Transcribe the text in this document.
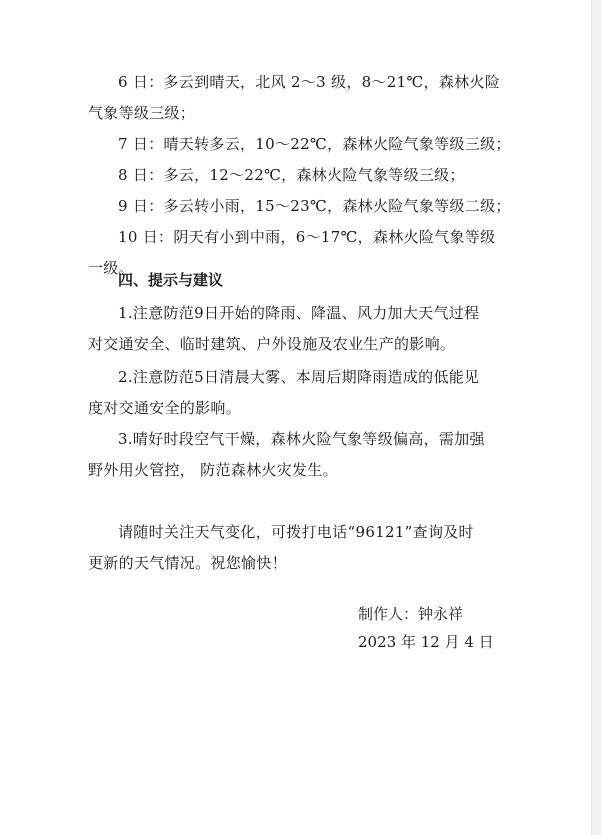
6 日：多云到晴天，北风 2～3 级，8～21℃，森林火险
气象等级三级；
7 日：晴天转多云，10～22℃，森林火险气象等级三级；
8 日：多云，12～22℃，森林火险气象等级三级；
9 日：多云转小雨，15～23℃，森林火险气象等级二级；
10 日：阴天有小到中雨，6～17℃，森林火险气象等级
一级。
四、提示与建议
1.注意防范9日开始的降雨、降温、风力加大天气过程
对交通安全、临时建筑、户外设施及农业生产的影响。
2.注意防范5日清晨大雾、本周后期降雨造成的低能见
度对交通安全的影响。
3.晴好时段空气干燥，森林火险气象等级偏高，需加强
野外用火管控， 防范森林火灾发生。
请随时关注天气变化，可拨打电话“96121”查询及时
更新的天气情况。祝您愉快！
制作人：钟永祥
2023 年 12 月 4 日
